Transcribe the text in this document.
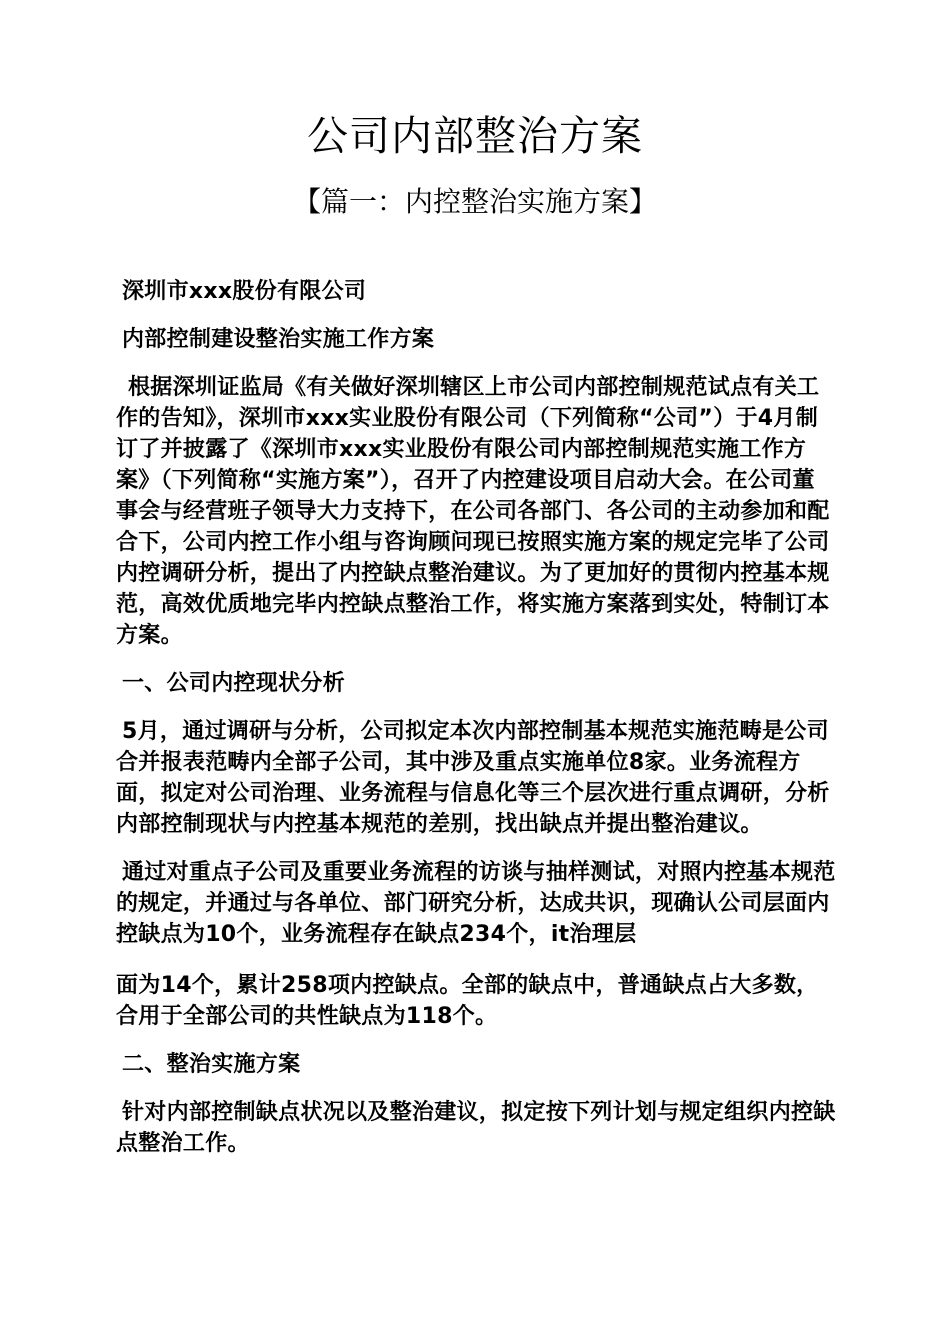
公司内部整治方案
【篇一：内控整治实施方案】

深圳市xxx股份有限公司

内部控制建设整治实施工作方案

根据深圳证监局《有关做好深圳辖区上市公司内部控制规范试点有关工作的告知》，深圳市xxx实业股份有限公司（下列简称“公司”）于4月制订了并披露了《深圳市xxx实业股份有限公司内部控制规范实施工作方案》（下列简称“实施方案”），召开了内控建设项目启动大会。在公司董事会与经营班子领导大力支持下，在公司各部门、各公司的主动参加和配合下，公司内控工作小组与咨询顾问现已按照实施方案的规定完毕了公司内控调研分析，提出了内控缺点整治建议。为了更加好的贯彻内控基本规范，高效优质地完毕内控缺点整治工作，将实施方案落到实处，特制订本方案。

一、公司内控现状分析

5月，通过调研与分析，公司拟定本次内部控制基本规范实施范畴是公司合并报表范畴内全部子公司，其中涉及重点实施单位8家。业务流程方面，拟定对公司治理、业务流程与信息化等三个层次进行重点调研，分析内部控制现状与内控基本规范的差别，找出缺点并提出整治建议。

通过对重点子公司及重要业务流程的访谈与抽样测试，对照内控基本规范的规定，并通过与各单位、部门研究分析，达成共识，现确认公司层面内控缺点为10个，业务流程存在缺点234个，it治理层

面为14个，累计258项内控缺点。全部的缺点中，普通缺点占大多数，合用于全部公司的共性缺点为118个。

二、整治实施方案

针对内部控制缺点状况以及整治建议，拟定按下列计划与规定组织内控缺点整治工作。
